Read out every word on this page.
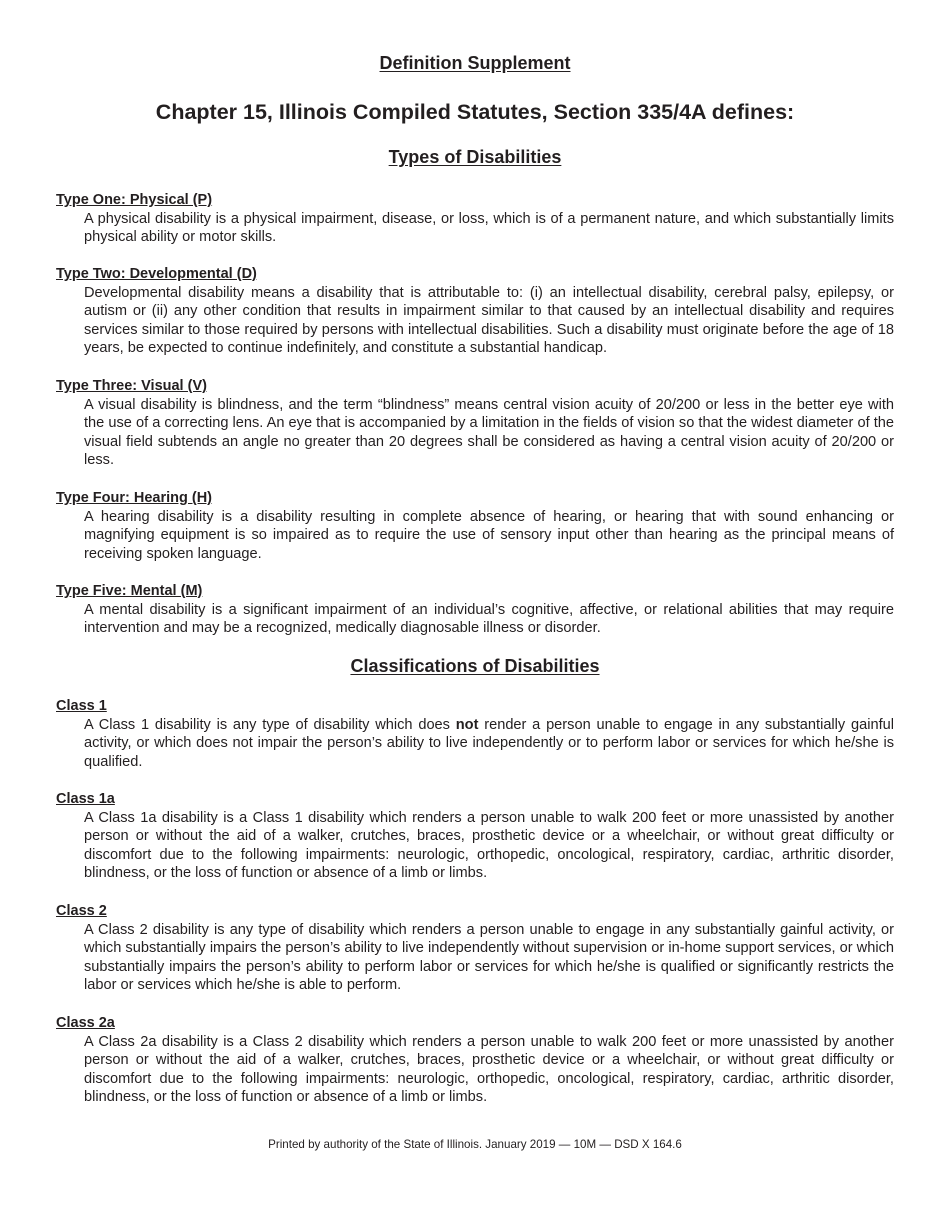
Definition Supplement
Chapter 15, Illinois Compiled Statutes, Section 335/4A defines:
Types of Disabilities

Type One: Physical (P)

A physical disability is a physical impairment, disease, or loss, which is of a permanent nature, and which substantially limits physical ability or motor skills.

Type Two: Developmental (D)

Developmental disability means a disability that is attributable to: (i) an intellectual disability, cerebral palsy, epilepsy, or autism or (ii) any other condition that results in impairment similar to that caused by an intellectual disability and requires services similar to those required by persons with intellectual disabilities. Such a disability must originate before the age of 18 years, be expected to continue indefinitely, and constitute a substantial handicap.

Type Three: Visual (V)

A visual disability is blindness, and the term “blindness” means central vision acuity of 20/200 or less in the better eye with the use of a correcting lens. An eye that is accompanied by a limitation in the fields of vision so that the widest diameter of the visual field subtends an angle no greater than 20 degrees shall be considered as having a central vision acuity of 20/200 or less.

Type Four: Hearing (H)

A hearing disability is a disability resulting in complete absence of hearing, or hearing that with sound enhancing or magnifying equipment is so impaired as to require the use of sensory input other than hearing as the principal means of receiving spoken language.

Type Five: Mental (M)

A mental disability is a significant impairment of an individual’s cognitive, affective, or relational abilities that may require intervention and may be a recognized, medically diagnosable illness or disorder.

Classifications of Disabilities

Class 1

A Class 1 disability is any type of disability which does not render a person unable to engage in any substantially gainful activity, or which does not impair the person’s ability to live independently or to perform labor or services for which he/she is qualified.

Class 1a

A Class 1a disability is a Class 1 disability which renders a person unable to walk 200 feet or more unassisted by another person or without the aid of a walker, crutches, braces, prosthetic device or a wheelchair, or without great difficulty or discomfort due to the following impairments: neurologic, orthopedic, oncological, respiratory, cardiac, arthritic disorder, blindness, or the loss of function or absence of a limb or limbs.

Class 2

A Class 2 disability is any type of disability which renders a person unable to engage in any substantially gainful activity, or which substantially impairs the person’s ability to live independently without supervision or in-home support services, or which substantially impairs the person’s ability to perform labor or services for which he/she is qualified or significantly restricts the labor or services which he/she is able to perform.

Class 2a

A Class 2a disability is a Class 2 disability which renders a person unable to walk 200 feet or more unassisted by another person or without the aid of a walker, crutches, braces, prosthetic device or a wheelchair, or without great difficulty or discomfort due to the following impairments: neurologic, orthopedic, oncological, respiratory, cardiac, arthritic disorder, blindness, or the loss of function or absence of a limb or limbs.

Printed by authority of the State of Illinois. January 2019 — 10M — DSD X 164.6
